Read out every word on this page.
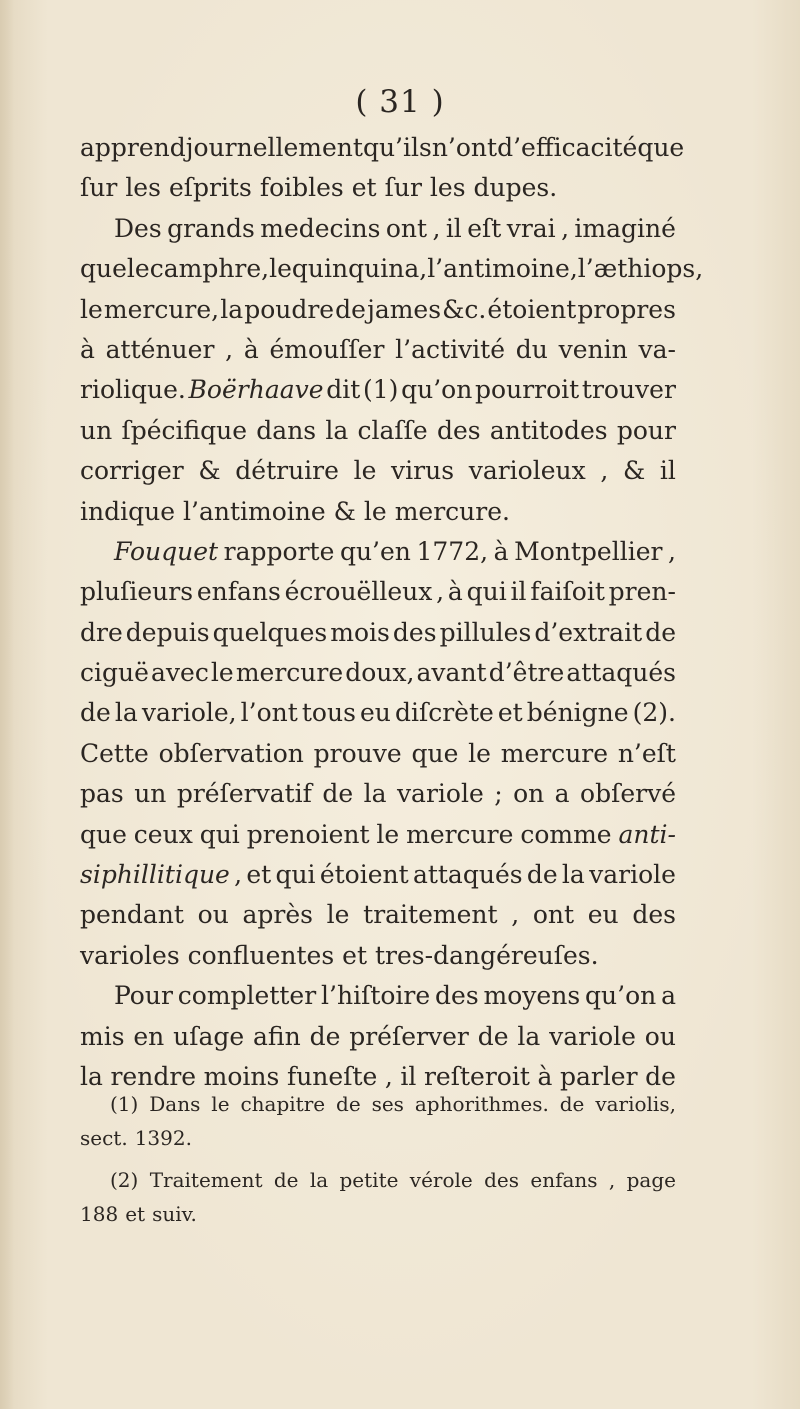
( 31 )
apprendjournellement qu’ils n’ont d’efficacité que
ſur les eſprits foibles et ſur les dupes.
Des grands medecins ont , il eſt vrai , imaginé
que le camphre, le quinquina, l’antimoine, l’æthiops,
le mercure, la poudre de james &c. étoient propres
à atténuer , à émouſſer l’activité du venin va-
riolique. Boërhaave dit (1) qu’on pourroit trouver
un ſpécifique dans la claſſe des antitodes pour
corriger & détruire le virus varioleux , & il
indique l’antimoine & le mercure.
Fouquet rapporte qu’en 1772, à Montpellier ,
pluſieurs enfans écrouëlleux , à qui il faiſoit pren-
dre depuis quelques mois des pillules d’extrait de
ciguë avec le mercure doux, avant d’être attaqués
de la variole, l’ont tous eu diſcrète et bénigne (2).
Cette obſervation prouve que le mercure n’eſt
pas un préſervatif de la variole ; on a obſervé
que ceux qui prenoient le mercure comme anti-
siphillitique , et qui étoient attaqués de la variole
pendant ou après le traitement , ont eu des
varioles confluentes et tres-dangéreuſes.
Pour completter l’hiſtoire des moyens qu’on a
mis en uſage afin de préſerver de la variole ou
la rendre moins funeſte , il reſteroit à parler de
(1) Dans le chapitre de ses aphorithmes. de variolis,
sect. 1392.
(2) Traitement de la petite vérole des enfans , page
188 et suiv.
